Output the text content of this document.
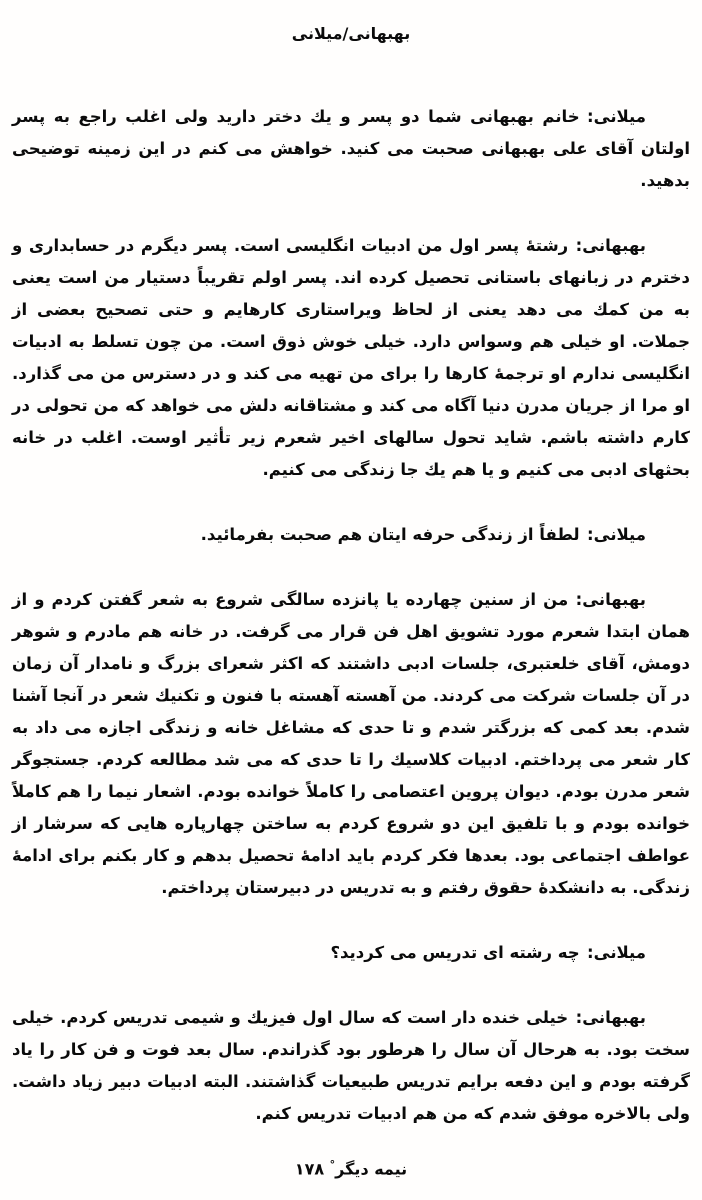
بهبهانی/میلانی

میلانی:خانم بهبهانی شما دو پسر و یك دختر دارید ولی اغلب راجع به پسر اولتان آقای علی بهبهانی صحبت می کنید. خواهش می کنم در این زمینه توضیحی بدهید.

بهبهانی:رشتهٔ پسر اول من ادبیات انگلیسی است. پسر دیگرم در حسابداری و دخترم در زبانهای باستانی تحصیل کرده اند. پسر اولم تقریباً دستیار من است یعنی به من کمك می دهد یعنی از لحاظ ویراستاری کارهایم و حتی تصحیح بعضی از جملات. او خیلی هم وسواس دارد. خیلی خوش ذوق است. من چون تسلط به ادبیات انگلیسی ندارم او ترجمهٔ کارها را برای من تهیه می کند و در دسترس من می گذارد. او مرا از جریان مدرن دنیا آگاه می کند و مشتاقانه دلش می خواهد که من تحولی در کارم داشته باشم. شاید تحول سالهای اخیر شعرم زیر تأثیر اوست. اغلب در خانه بحثهای ادبی می کنیم و یا هم یك جا زندگی می کنیم.

میلانی:لطفاً از زندگی حرفه ایتان هم صحبت بفرمائید.

بهبهانی:من از سنین چهارده یا پانزده سالگی شروع به شعر گفتن کردم و از همان ابتدا شعرم مورد تشویق اهل فن قرار می گرفت. در خانه هم مادرم و شوهر دومش، آقای خلعتبری، جلسات ادبی داشتند که اکثر شعرای بزرگ و نامدار آن زمان در آن جلسات شرکت می کردند. من آهسته آهسته با فنون و تکنیك شعر در آنجا آشنا شدم. بعد کمی که بزرگتر شدم و تا حدی که مشاغل خانه و زندگی اجازه می داد به کار شعر می پرداختم. ادبیات کلاسیك را تا حدی که می شد مطالعه کردم. جستجوگر شعر مدرن بودم. دیوان پروین اعتصامی را کاملاً خوانده بودم. اشعار نیما را هم کاملاً خوانده بودم و با تلفیق این دو شروع کردم به ساختن چهارپاره هایی که سرشار از عواطف اجتماعی بود. بعدها فکر کردم باید ادامهٔ تحصیل بدهم و کار بکنم برای ادامهٔ زندگی. به دانشکدهٔ حقوق رفتم و به تدریس در دبیرستان پرداختم.

میلانی:چه رشته ای تدریس می کردید؟

بهبهانی:خیلی خنده دار است که سال اول فیزیك و شیمی تدریس کردم. خیلی سخت بود. به هرحال آن سال را هرطور بود گذراندم. سال بعد فوت و فن کار را یاد گرفته بودم و این دفعه برایم تدریس طبیعیات گذاشتند. البته ادبیات دبیر زیاد داشت. ولی بالاخره موفق شدم که من هم ادبیات تدریس کنم.

نیمه دیگر° ۱۷۸
